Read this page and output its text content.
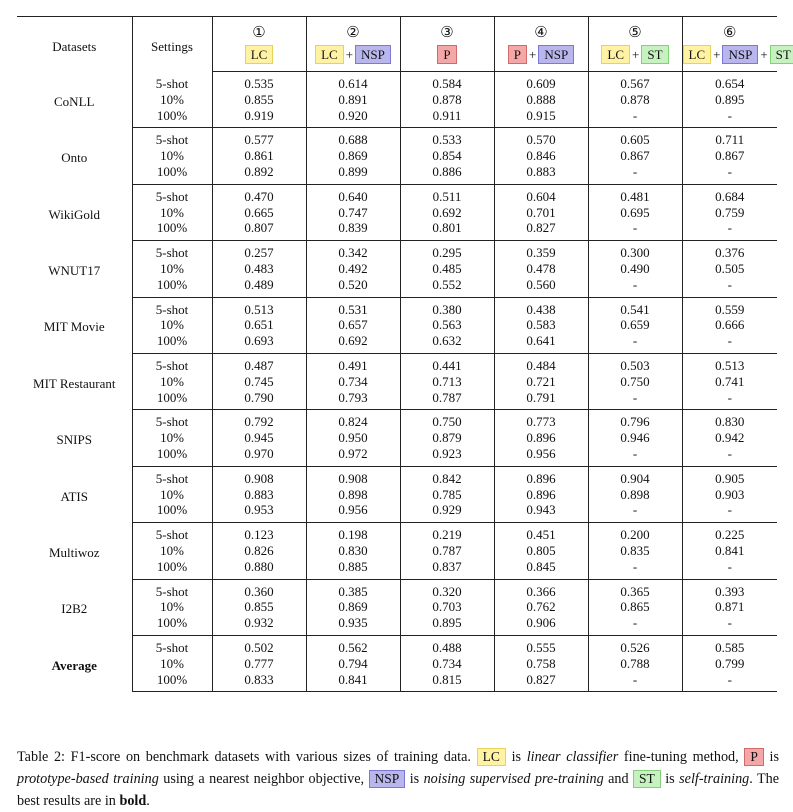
Datasets	Settings	①	②	③	④	⑤	⑥
		LC	LC + NSP	P	P + NSP	LC + ST	LC + NSP + ST
CoNLL	5-shot	0.535	0.614	0.584	0.609	0.567	0.654
	10%	0.855	0.891	0.878	0.888	0.878	0.895
	100%	0.919	0.920	0.911	0.915	-	-
Onto	5-shot	0.577	0.688	0.533	0.570	0.605	0.711
	10%	0.861	0.869	0.854	0.846	0.867	0.867
	100%	0.892	0.899	0.886	0.883	-	-
WikiGold	5-shot	0.470	0.640	0.511	0.604	0.481	0.684
	10%	0.665	0.747	0.692	0.701	0.695	0.759
	100%	0.807	0.839	0.801	0.827	-	-
WNUT17	5-shot	0.257	0.342	0.295	0.359	0.300	0.376
	10%	0.483	0.492	0.485	0.478	0.490	0.505
	100%	0.489	0.520	0.552	0.560	-	-
MIT Movie	5-shot	0.513	0.531	0.380	0.438	0.541	0.559
	10%	0.651	0.657	0.563	0.583	0.659	0.666
	100%	0.693	0.692	0.632	0.641	-	-
MIT Restaurant	5-shot	0.487	0.491	0.441	0.484	0.503	0.513
	10%	0.745	0.734	0.713	0.721	0.750	0.741
	100%	0.790	0.793	0.787	0.791	-	-
SNIPS	5-shot	0.792	0.824	0.750	0.773	0.796	0.830
	10%	0.945	0.950	0.879	0.896	0.946	0.942
	100%	0.970	0.972	0.923	0.956	-	-
ATIS	5-shot	0.908	0.908	0.842	0.896	0.904	0.905
	10%	0.883	0.898	0.785	0.896	0.898	0.903
	100%	0.953	0.956	0.929	0.943	-	-
Multiwoz	5-shot	0.123	0.198	0.219	0.451	0.200	0.225
	10%	0.826	0.830	0.787	0.805	0.835	0.841
	100%	0.880	0.885	0.837	0.845	-	-
I2B2	5-shot	0.360	0.385	0.320	0.366	0.365	0.393
	10%	0.855	0.869	0.703	0.762	0.865	0.871
	100%	0.932	0.935	0.895	0.906	-	-
Average	5-shot	0.502	0.562	0.488	0.555	0.526	0.585
	10%	0.777	0.794	0.734	0.758	0.788	0.799
	100%	0.833	0.841	0.815	0.827	-	-

Table 2: F1-score on benchmark datasets with various sizes of training data. LC is linear classifier fine-tuning method, P is prototype-based training using a nearest neighbor objective, NSP is noising supervised pre-training and ST is self-training. The best results are in bold.
